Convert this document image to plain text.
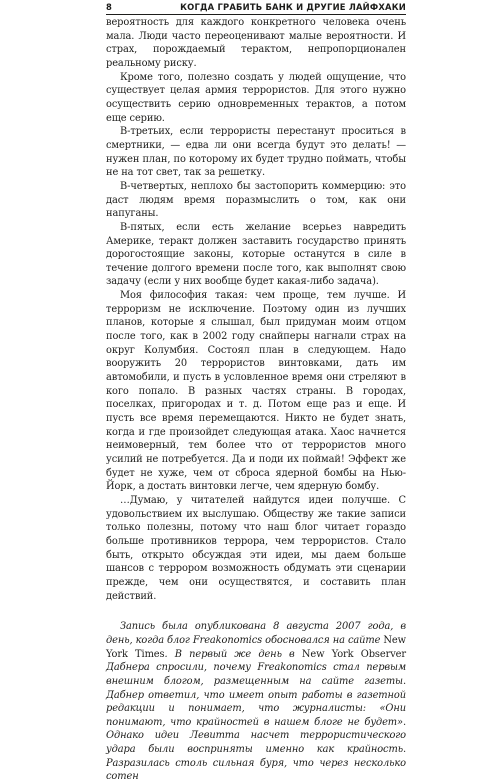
8	КОГДА ГРАБИТЬ БАНК И ДРУГИЕ ЛАЙФХАКИ

вероятность для каждого конкретного человека очень мала. Люди часто переоценивают малые вероятности. И страх, порождаемый терактом, непропорционален реальному риску.

Кроме того, полезно создать у людей ощущение, что существует целая армия террористов. Для этого нужно осуществить серию одновременных терактов, а потом еще серию.

В-третьих, если террористы перестанут проситься в смертники, — едва ли они всегда будут это делать! — нужен план, по которому их будет трудно поймать, чтобы не на тот свет, так за решетку.

В-четвертых, неплохо бы застопорить коммерцию: это даст людям время поразмыслить о том, как они напуганы.

В-пятых, если есть желание всерьез навредить Америке, теракт должен заставить государство принять дорогостоящие законы, которые останутся в силе в течение долгого времени после того, как выполнят свою задачу (если у них вообще будет какая-либо задача).

Моя философия такая: чем проще, тем лучше. И терроризм не исключение. Поэтому один из лучших планов, которые я слышал, был придуман моим отцом после того, как в 2002 году снайперы нагнали страх на округ Колумбия. Состоял план в следующем. Надо вооружить 20 террористов винтовками, дать им автомобили, и пусть в условленное время они стреляют в кого попало. В разных частях страны. В городах, поселках, пригородах и т. д. Потом еще раз и еще. И пусть все время перемещаются. Никто не будет знать, когда и где произойдет следующая атака. Хаос начнется неимоверный, тем более что от террористов много усилий не потребуется. Да и поди их поймай! Эффект же будет не хуже, чем от сброса ядерной бомбы на Нью-Йорк, а достать винтовки легче, чем ядерную бомбу.

…Думаю, у читателей найдутся идеи получше. С удовольствием их выслушаю. Обществу же такие записи только полезны, потому что наш блог читает гораздо больше противников террора, чем террористов. Стало быть, открыто обсуждая эти идеи, мы даем больше шансов с террором возможность обдумать эти сценарии прежде, чем они осуществятся, и составить план действий.

Запись была опубликована 8 августа 2007 года, в день, когда блог Freakonomics обосновался на сайте New York Times. В первый же день в New York Observer Дабнера спросили, почему Freakonomics стал первым внешним блогом, размещенным на сайте газеты. Дабнер ответил, что имеет опыт работы в газетной редакции и понимает, что журналисты: «Они понимают, что крайностей в нашем блоге не будет». Однако идеи Левитта насчет террористического удара были восприняты именно как крайность. Разразилась столь сильная буря, что через несколько сотен
